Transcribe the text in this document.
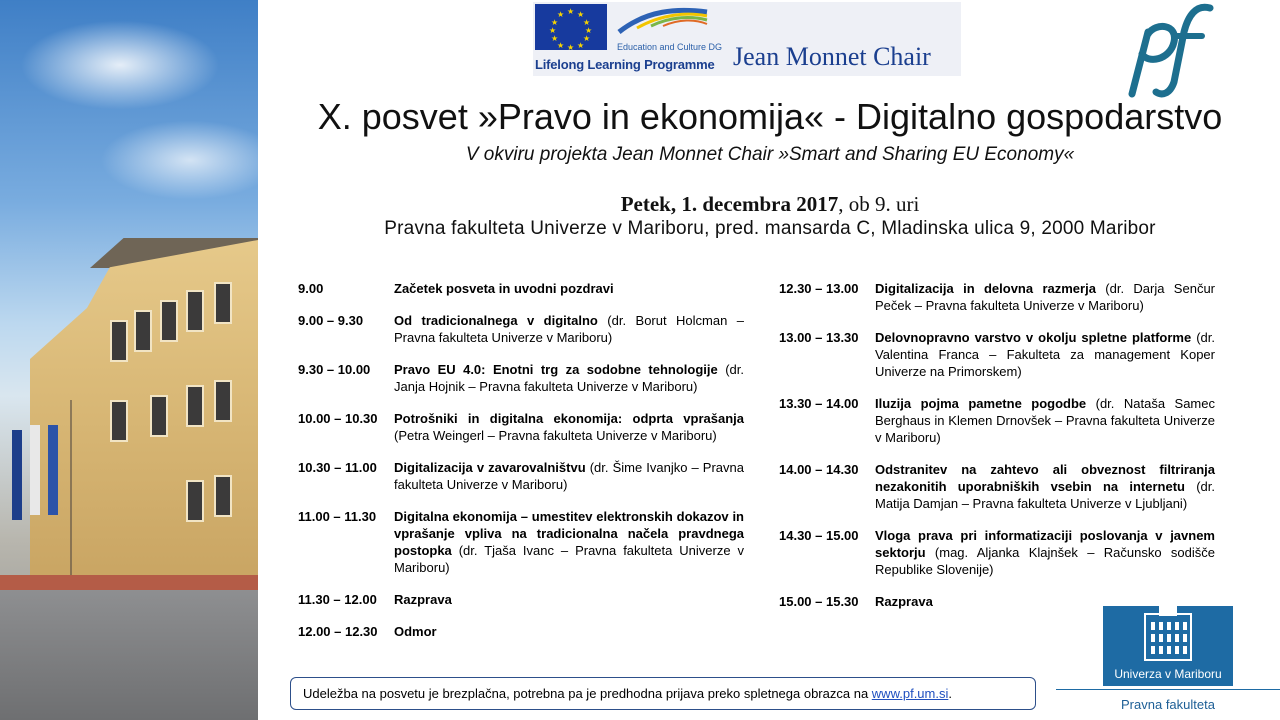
★ ★
★
★
★
★
★
★
★
★
★
★
Education and Culture DG
Lifelong Learning Programme Jean Monnet Chair
X. posvet »Pravo in ekonomija« - Digitalno gospodarstvo
V okviru projekta Jean Monnet Chair »Smart and Sharing EU Economy«
Petek, 1. decembra 2017, ob 9. uri
Pravna fakulteta Univerze v Mariboru, pred. mansarda C, Mladinska ulica 9, 2000 Maribor
9.00	Začetek posveta in uvodni pozdravi
9.00 – 9.30	Od tradicionalnega v digitalno (dr. Borut Holcman – Pravna fakulteta Univerze v Mariboru)
9.30 – 10.00	Pravo EU 4.0: Enotni trg za sodobne tehnologije (dr. Janja Hojnik – Pravna fakulteta Univerze v Mariboru)
10.00 – 10.30	Potrošniki in digitalna ekonomija: odprta vprašanja (Petra Weingerl – Pravna fakulteta Univerze v Mariboru)
10.30 – 11.00	Digitalizacija v zavarovalništvu (dr. Šime Ivanjko – Pravna fakulteta Univerze v Mariboru)
11.00 – 11.30	Digitalna ekonomija – umestitev elektronskih dokazov in vprašanje vpliva na tradicionalna načela pravdnega postopka (dr. Tjaša Ivanc – Pravna fakulteta Univerze v Mariboru)
11.30 – 12.00	Razprava
12.00 – 12.30	Odmor
12.30 – 13.00	Digitalizacija in delovna razmerja (dr. Darja Senčur Peček – Pravna fakulteta Univerze v Mariboru)
13.00 – 13.30	Delovnopravno varstvo v okolju spletne platforme (dr. Valentina Franca – Fakulteta za management Koper Univerze na Primorskem)
13.30 – 14.00	Iluzija pojma pametne pogodbe (dr. Nataša Samec Berghaus in Klemen Drnovšek – Pravna fakulteta Univerze v Mariboru)
14.00 – 14.30	Odstranitev na zahtevo ali obveznost filtriranja nezakonitih uporabniških vsebin na internetu (dr. Matija Damjan – Pravna fakulteta Univerze v Ljubljani)
14.30 – 15.00	Vloga prava pri informatizaciji poslovanja v javnem sektorju (mag. Aljanka Klajnšek – Računsko sodišče Republike Slovenije)
15.00 – 15.30	Razprava
Udeležba na posvetu je brezplačna, potrebna pa je predhodna prijava preko spletnega obrazca na www.pf.um.si.
Univerza v Mariboru
Pravna fakulteta
